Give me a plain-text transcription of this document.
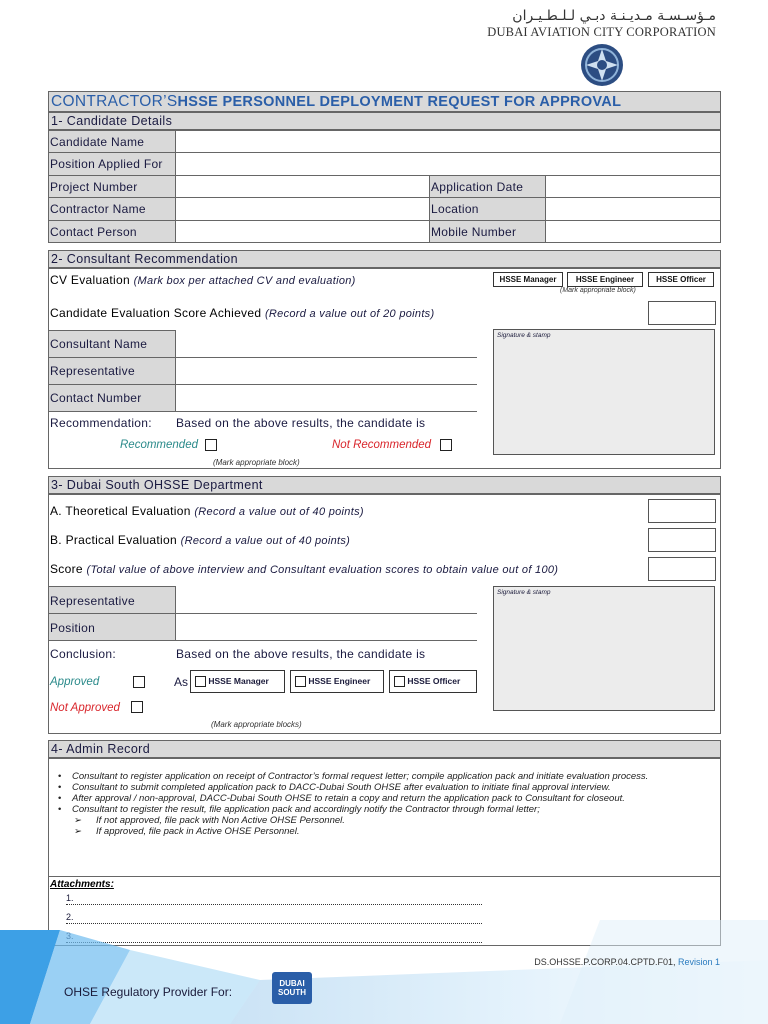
مـؤسـسـة مـديـنـة دبـي لـلـطـيـران
DUBAI AVIATION CITY CORPORATION
CONTRACTOR’SHSSE PERSONNEL DEPLOYMENT REQUEST FOR APPROVAL
1- Candidate Details
Candidate Name
Position Applied For
Project Number	Application Date
Contractor Name	Location
Contact Person	Mobile Number
2- Consultant Recommendation
CV Evaluation (Mark box per attached CV and evaluation)	HSSE Manager	HSSE Engineer	HSSE Officer
(Mark appropriate block)
Candidate Evaluation Score Achieved (Record a value out of 20 points)
Consultant Name
Representative
Contact Number
Signature & stamp
Recommendation: Based on the above results, the candidate is
Recommended	Not Recommended
(Mark appropriate block)
3- Dubai South OHSSE Department
A. Theoretical Evaluation (Record a value out of 40 points)
B. Practical Evaluation (Record a value out of 40 points)
Score (Total value of above interview and Consultant evaluation scores to obtain value out of 100)
Representative
Position
Signature & stamp
Conclusion:	Based on the above results, the candidate is
Approved	As	HSSE Manager	HSSE Engineer	HSSE Officer
Not Approved
(Mark appropriate blocks)
4- Admin Record
• Consultant to register application on receipt of Contractor’s formal request letter; compile application pack and initiate evaluation process.
• Consultant to submit completed application pack to DACC-Dubai South OHSE after evaluation to initiate final approval interview.
• After approval / non-approval, DACC-Dubai South OHSE to retain a copy and return the application pack to Consultant for closeout.
• Consultant to register the result, file application pack and accordingly notify the Contractor through formal letter;
➢ If not approved, file pack with Non Active OHSE Personnel.
➢ If approved, file pack in Active OHSE Personnel.
Attachments:
1.
2.
DS.OHSSE.P.CORP.04.CPTD.F01, Revision 1
OHSE Regulatory Provider For:
DUBAI
SOUTH
